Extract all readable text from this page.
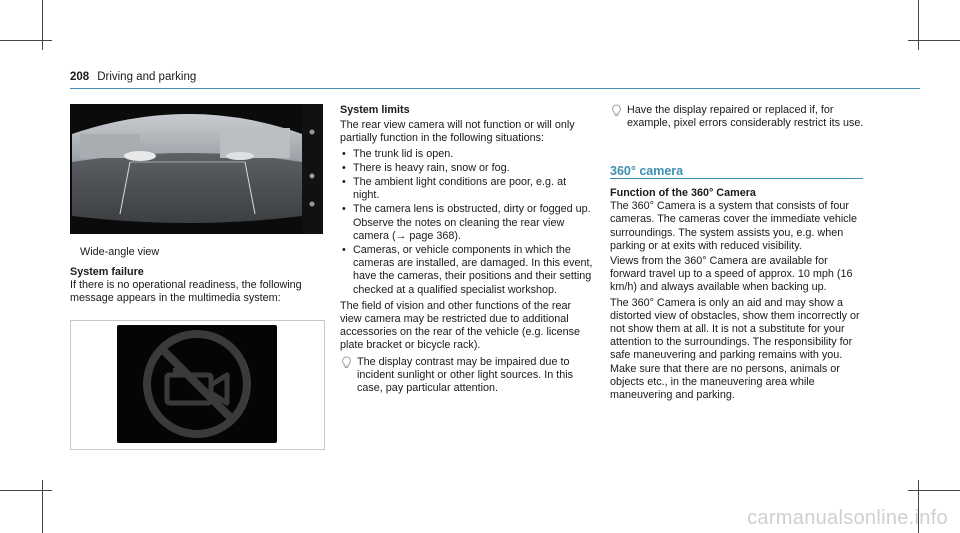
208 Driving and parking
Wide-angle view

System failure

If there is no operational readiness, the following message appears in the multimedia system:

System limits

The rear view camera will not function or will only partially function in the following situations:

• The trunk lid is open.
• There is heavy rain, snow or fog.
• The ambient light conditions are poor, e.g. at night.
• The camera lens is obstructed, dirty or fogged up. Observe the notes on cleaning the rear view camera (→ page 368).
• Cameras, or vehicle components in which the cameras are installed, are damaged. In this event, have the cameras, their positions and their setting checked at a qualified specialist workshop.

The field of vision and other functions of the rear view camera may be restricted due to additional accessories on the rear of the vehicle (e.g. license plate bracket or bicycle rack).

The display contrast may be impaired due to incident sunlight or other light sources. In this case, pay particular attention.
Have the display repaired or replaced if, for example, pixel errors considerably restrict its use.
360° camera

Function of the 360° Camera

The 360° Camera is a system that consists of four cameras. The cameras cover the immediate vehicle surroundings. The system assists you, e.g. when parking or at exits with reduced visibility.

Views from the 360° Camera are available for forward travel up to a speed of approx. 10 mph (16 km/h) and always available when backing up.

The 360° Camera is only an aid and may show a distorted view of obstacles, show them incorrectly or not show them at all. It is not a substitute for your attention to the surroundings. The responsibility for safe maneuvering and parking remains with you. Make sure that there are no persons, animals or objects etc., in the maneuvering area while maneuvering and parking.

carmanualsonline.info
